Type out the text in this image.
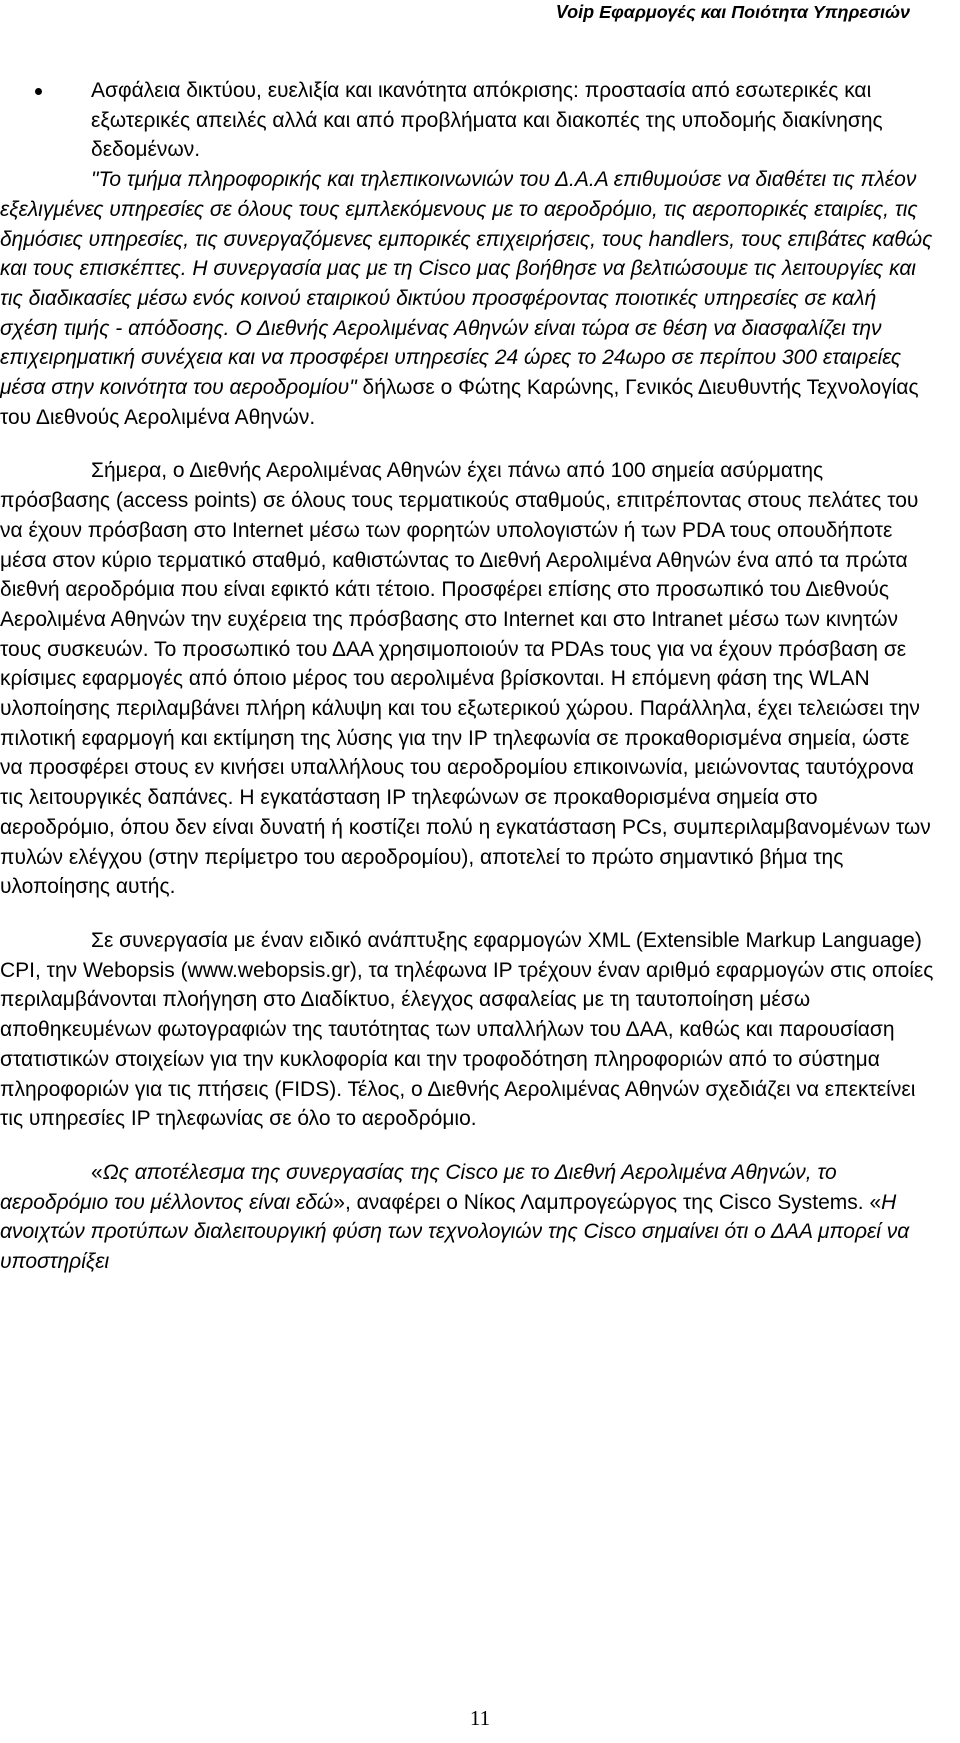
Voip Εφαρμογές και Ποιότητα Υπηρεσιών

Ασφάλεια δικτύου, ευελιξία και ικανότητα απόκρισης: προστασία από εσωτερικές και εξωτερικές απειλές αλλά και από προβλήματα και διακοπές της υποδομής διακίνησης δεδομένων.

"Το τμήμα πληροφορικής και τηλεπικοινωνιών του Δ.Α.Α επιθυμούσε να διαθέτει τις πλέον εξελιγμένες υπηρεσίες σε όλους τους εμπλεκόμενους με το αεροδρόμιο, τις αεροπορικές εταιρίες, τις δημόσιες υπηρεσίες, τις συνεργαζόμενες εμπορικές επιχειρήσεις, τους handlers, τους επιβάτες καθώς και τους επισκέπτες. Η συνεργασία μας με τη Cisco μας βοήθησε να βελτιώσουμε τις λειτουργίες και τις διαδικασίες μέσω ενός κοινού εταιρικού δικτύου προσφέροντας ποιοτικές υπηρεσίες σε καλή σχέση τιμής - απόδοσης. Ο Διεθνής Αερολιμένας Αθηνών είναι τώρα σε θέση να διασφαλίζει την επιχειρηματική συνέχεια και να προσφέρει υπηρεσίες 24 ώρες το 24ωρο σε περίπου 300 εταιρείες μέσα στην κοινότητα του αεροδρομίου" δήλωσε ο Φώτης Καρώνης, Γενικός Διευθυντής Τεχνολογίας του Διεθνούς Αερολιμένα Αθηνών.

Σήμερα, ο Διεθνής Αερολιμένας Αθηνών έχει πάνω από 100 σημεία ασύρματης πρόσβασης (access points) σε όλους τους τερματικούς σταθμούς, επιτρέποντας στους πελάτες του να έχουν πρόσβαση στο Internet μέσω των φορητών υπολογιστών ή των PDA τους οπουδήποτε μέσα στον κύριο τερματικό σταθμό, καθιστώντας το Διεθνή Αερολιμένα Αθηνών ένα από τα πρώτα διεθνή αεροδρόμια που είναι εφικτό κάτι τέτοιο. Προσφέρει επίσης στο προσωπικό του Διεθνούς Αερολιμένα Αθηνών την ευχέρεια της πρόσβασης στο Internet και στο Intranet μέσω των κινητών τους συσκευών. Το προσωπικό του ΔΑΑ χρησιμοποιούν τα PDAs τους για να έχουν πρόσβαση σε κρίσιμες εφαρμογές από όποιο μέρος του αερολιμένα βρίσκονται. Η επόμενη φάση της WLAN υλοποίησης περιλαμβάνει πλήρη κάλυψη και του εξωτερικού χώρου. Παράλληλα, έχει τελειώσει την πιλοτική εφαρμογή και εκτίμηση της λύσης για την IP τηλεφωνία σε προκαθορισμένα σημεία, ώστε να προσφέρει στους εν κινήσει υπαλλήλους του αεροδρομίου επικοινωνία, μειώνοντας ταυτόχρονα τις λειτουργικές δαπάνες. Η εγκατάσταση IP τηλεφώνων σε προκαθορισμένα σημεία στο αεροδρόμιο, όπου δεν είναι δυνατή ή κοστίζει πολύ η εγκατάσταση PCs, συμπεριλαμβανομένων των πυλών ελέγχου (στην περίμετρο του αεροδρομίου), αποτελεί το πρώτο σημαντικό βήμα της υλοποίησης αυτής.

Σε συνεργασία με έναν ειδικό ανάπτυξης εφαρμογών XML (Extensible Markup Language) CPI, την Webopsis (www.webopsis.gr), τα τηλέφωνα IP τρέχουν έναν αριθμό εφαρμογών στις οποίες περιλαμβάνονται πλοήγηση στο Διαδίκτυο, έλεγχος ασφαλείας με τη ταυτοποίηση μέσω αποθηκευμένων φωτογραφιών της ταυτότητας των υπαλλήλων του ΔΑΑ, καθώς και παρουσίαση στατιστικών στοιχείων για την κυκλοφορία και την τροφοδότηση πληροφοριών από το σύστημα πληροφοριών για τις πτήσεις (FIDS). Τέλος, ο Διεθνής Αερολιμένας Αθηνών σχεδιάζει να επεκτείνει τις υπηρεσίες IP τηλεφωνίας σε όλο το αεροδρόμιο.

«Ως αποτέλεσμα της συνεργασίας της Cisco με το Διεθνή Αερολιμένα Αθηνών, το αεροδρόμιο του μέλλοντος είναι εδώ», αναφέρει ο Νίκος Λαμπρογεώργος της Cisco Systems. «Η ανοιχτών προτύπων διαλειτουργική φύση των τεχνολογιών της Cisco σημαίνει ότι ο ΔΑΑ μπορεί να υποστηρίξει

11
